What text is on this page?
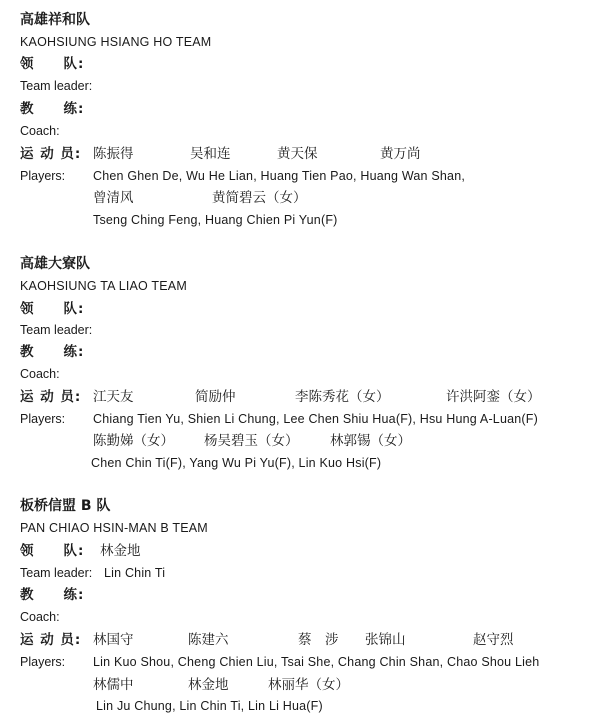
高雄祥和队
KAOHSIUNG HSIANG HO TEAM
领　　队:
Team leader:
教　　练:
Coach:
运 动 员: 陈振得	吴和连	黄天保	黄万尚
Players: Chen Ghen De, Wu He Lian, Huang Tien Pao, Huang Wan Shan,
曾清风	黄简碧云（女）
Tseng Ching Feng, Huang Chien Pi Yun(F)
高雄大寮队
KAOHSIUNG TA LIAO TEAM
领　　队:
Team leader:
教　　练:
Coach:
运 动 员: 江天友	简励仲	李陈秀花（女）	许洪阿銮（女）
Players: Chiang Tien Yu, Shien Li Chung, Lee Chen Shiu Hua(F), Hsu Hung A-Luan(F)
陈勤娣（女） 杨吴碧玉（女） 林郭锡（女）
Chen Chin Ti(F), Yang Wu Pi Yu(F), Lin Kuo Hsi(F)
板桥信盟 B 队
PAN CHIAO HSIN-MAN B TEAM
领　　队: 林金地
Team leader: Lin Chin Ti
教　　练:
Coach:
运 动 员: 林国守	陈建六	蔡　涉 张锦山	赵守烈
Players: Lin Kuo Shou, Cheng Chien Liu, Tsai She, Chang Chin Shan, Chao Shou Lieh
林儒中	林金地	林丽华（女）
Lin Ju Chung, Lin Chin Ti, Lin Li Hua(F)
